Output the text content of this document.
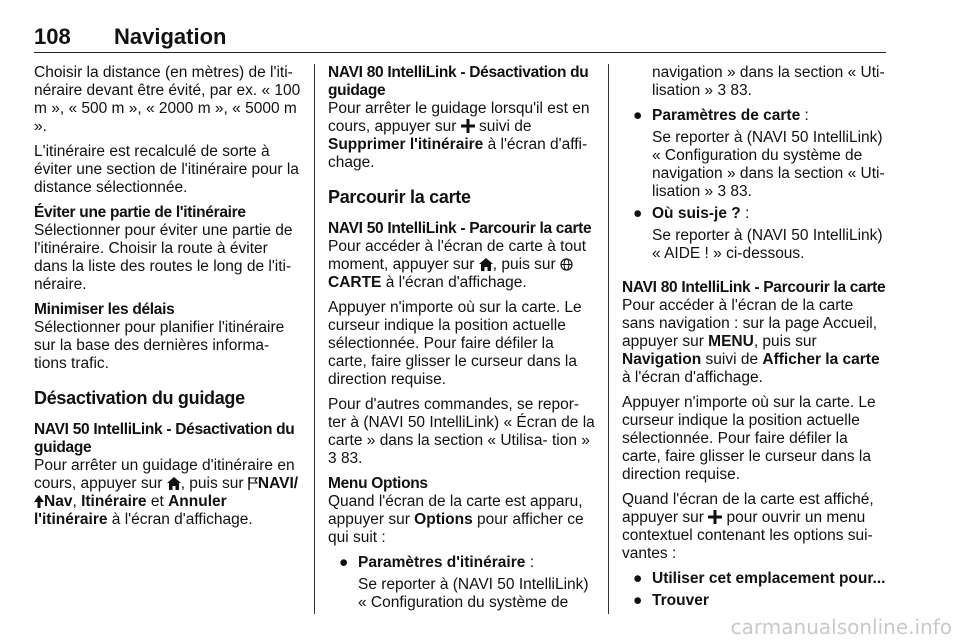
108 Navigation

Choisir la distance (en mètres) de l'iti- néraire devant être évité, par ex. « 100 m », « 500 m », « 2000 m », « 5000 m ».

L'itinéraire est recalculé de sorte à éviter une section de l'itinéraire pour la distance sélectionnée.

Éviter une partie de l'itinéraire

Sélectionner pour éviter une partie de l'itinéraire. Choisir la route à éviter dans la liste des routes le long de l'iti- néraire.

Minimiser les délais

Sélectionner pour planifier l'itinéraire sur la base des dernières informa- tions trafic.

Désactivation du guidage

NAVI 50 IntelliLink - Désactivation du guidage

Pour arrêter un guidage d'itinéraire en cours, appuyer sur , puis sur NAVI/
Nav, Itinéraire et Annuler l'itinéraire à l'écran d'affichage.

NAVI 80 IntelliLink - Désactivation du guidage

Pour arrêter le guidage lorsqu'il est en cours, appuyer sur
suivi de Supprimer l'itinéraire à l'écran d'affi- chage.

Parcourir la carte

NAVI 50 IntelliLink - Parcourir la carte

Pour accéder à l'écran de carte à tout moment, appuyer sur , puis sur
CARTE à l'écran d'affichage.

Appuyer n'importe où sur la carte. Le curseur indique la position actuelle sélectionnée. Pour faire défiler la carte, faire glisser le curseur dans la direction requise.

Pour d'autres commandes, se repor- ter à (NAVI 50 IntelliLink) « Écran de la carte » dans la section « Utilisa- tion » 3 83.

Menu Options

Quand l'écran de la carte est apparu, appuyer sur Options pour afficher ce qui suit :

● Paramètres d'itinéraire :
Se reporter à (NAVI 50 IntelliLink) « Configuration du système de

navigation » dans la section « Uti- lisation » 3 83.

● Paramètres de carte :
Se reporter à (NAVI 50 IntelliLink) « Configuration du système de navigation » dans la section « Uti- lisation » 3 83.
● Où suis-je ? :
Se reporter à (NAVI 50 IntelliLink) « AIDE ! » ci-dessous.

NAVI 80 IntelliLink - Parcourir la carte

Pour accéder à l'écran de la carte sans navigation : sur la page Accueil, appuyer sur MENU, puis sur Navigation suivi de Afficher la carte à l'écran d'affichage.

Appuyer n'importe où sur la carte. Le curseur indique la position actuelle sélectionnée. Pour faire défiler la carte, faire glisser le curseur dans la direction requise.

Quand l'écran de la carte est affiché, appuyer sur
pour ouvrir un menu contextuel contenant les options sui- vantes :

● Utiliser cet emplacement pour...
● Trouver
carmanualsonline.info
